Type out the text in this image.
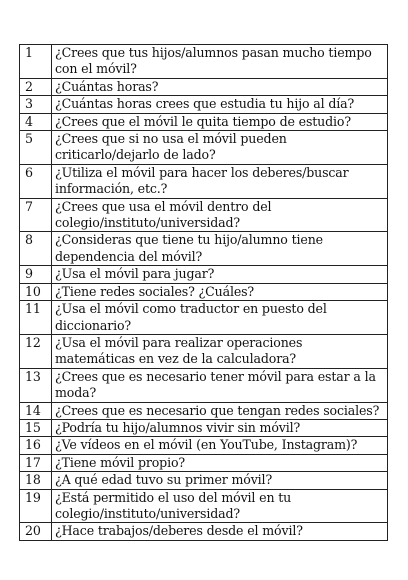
1	¿Crees que tus hijos/alumnos pasan mucho tiempo con el móvil?
2	¿Cuántas horas?
3	¿Cuántas horas crees que estudia tu hijo al día?
4	¿Crees que el móvil le quita tiempo de estudio?
5	¿Crees que si no usa el móvil pueden criticarlo/dejarlo de lado?
6	¿Utiliza el móvil para hacer los deberes/buscar información, etc.?
7	¿Crees que usa el móvil dentro del colegio/instituto/universidad?
8	¿Consideras que tiene tu hijo/alumno tiene dependencia del móvil?
9	¿Usa el móvil para jugar?
10	¿Tiene redes sociales? ¿Cuáles?
11	¿Usa el móvil como traductor en puesto del diccionario?
12	¿Usa el móvil para realizar operaciones matemáticas en vez de la calculadora?
13	¿Crees que es necesario tener móvil para estar a la moda?
14	¿Crees que es necesario que tengan redes sociales?
15	¿Podría tu hijo/alumnos vivir sin móvil?
16	¿Ve vídeos en el móvil (en YouTube, Instagram)?
17	¿Tiene móvil propio?
18	¿A qué edad tuvo su primer móvil?
19	¿Está permitido el uso del móvil en tu colegio/instituto/universidad?
20	¿Hace trabajos/deberes desde el móvil?
